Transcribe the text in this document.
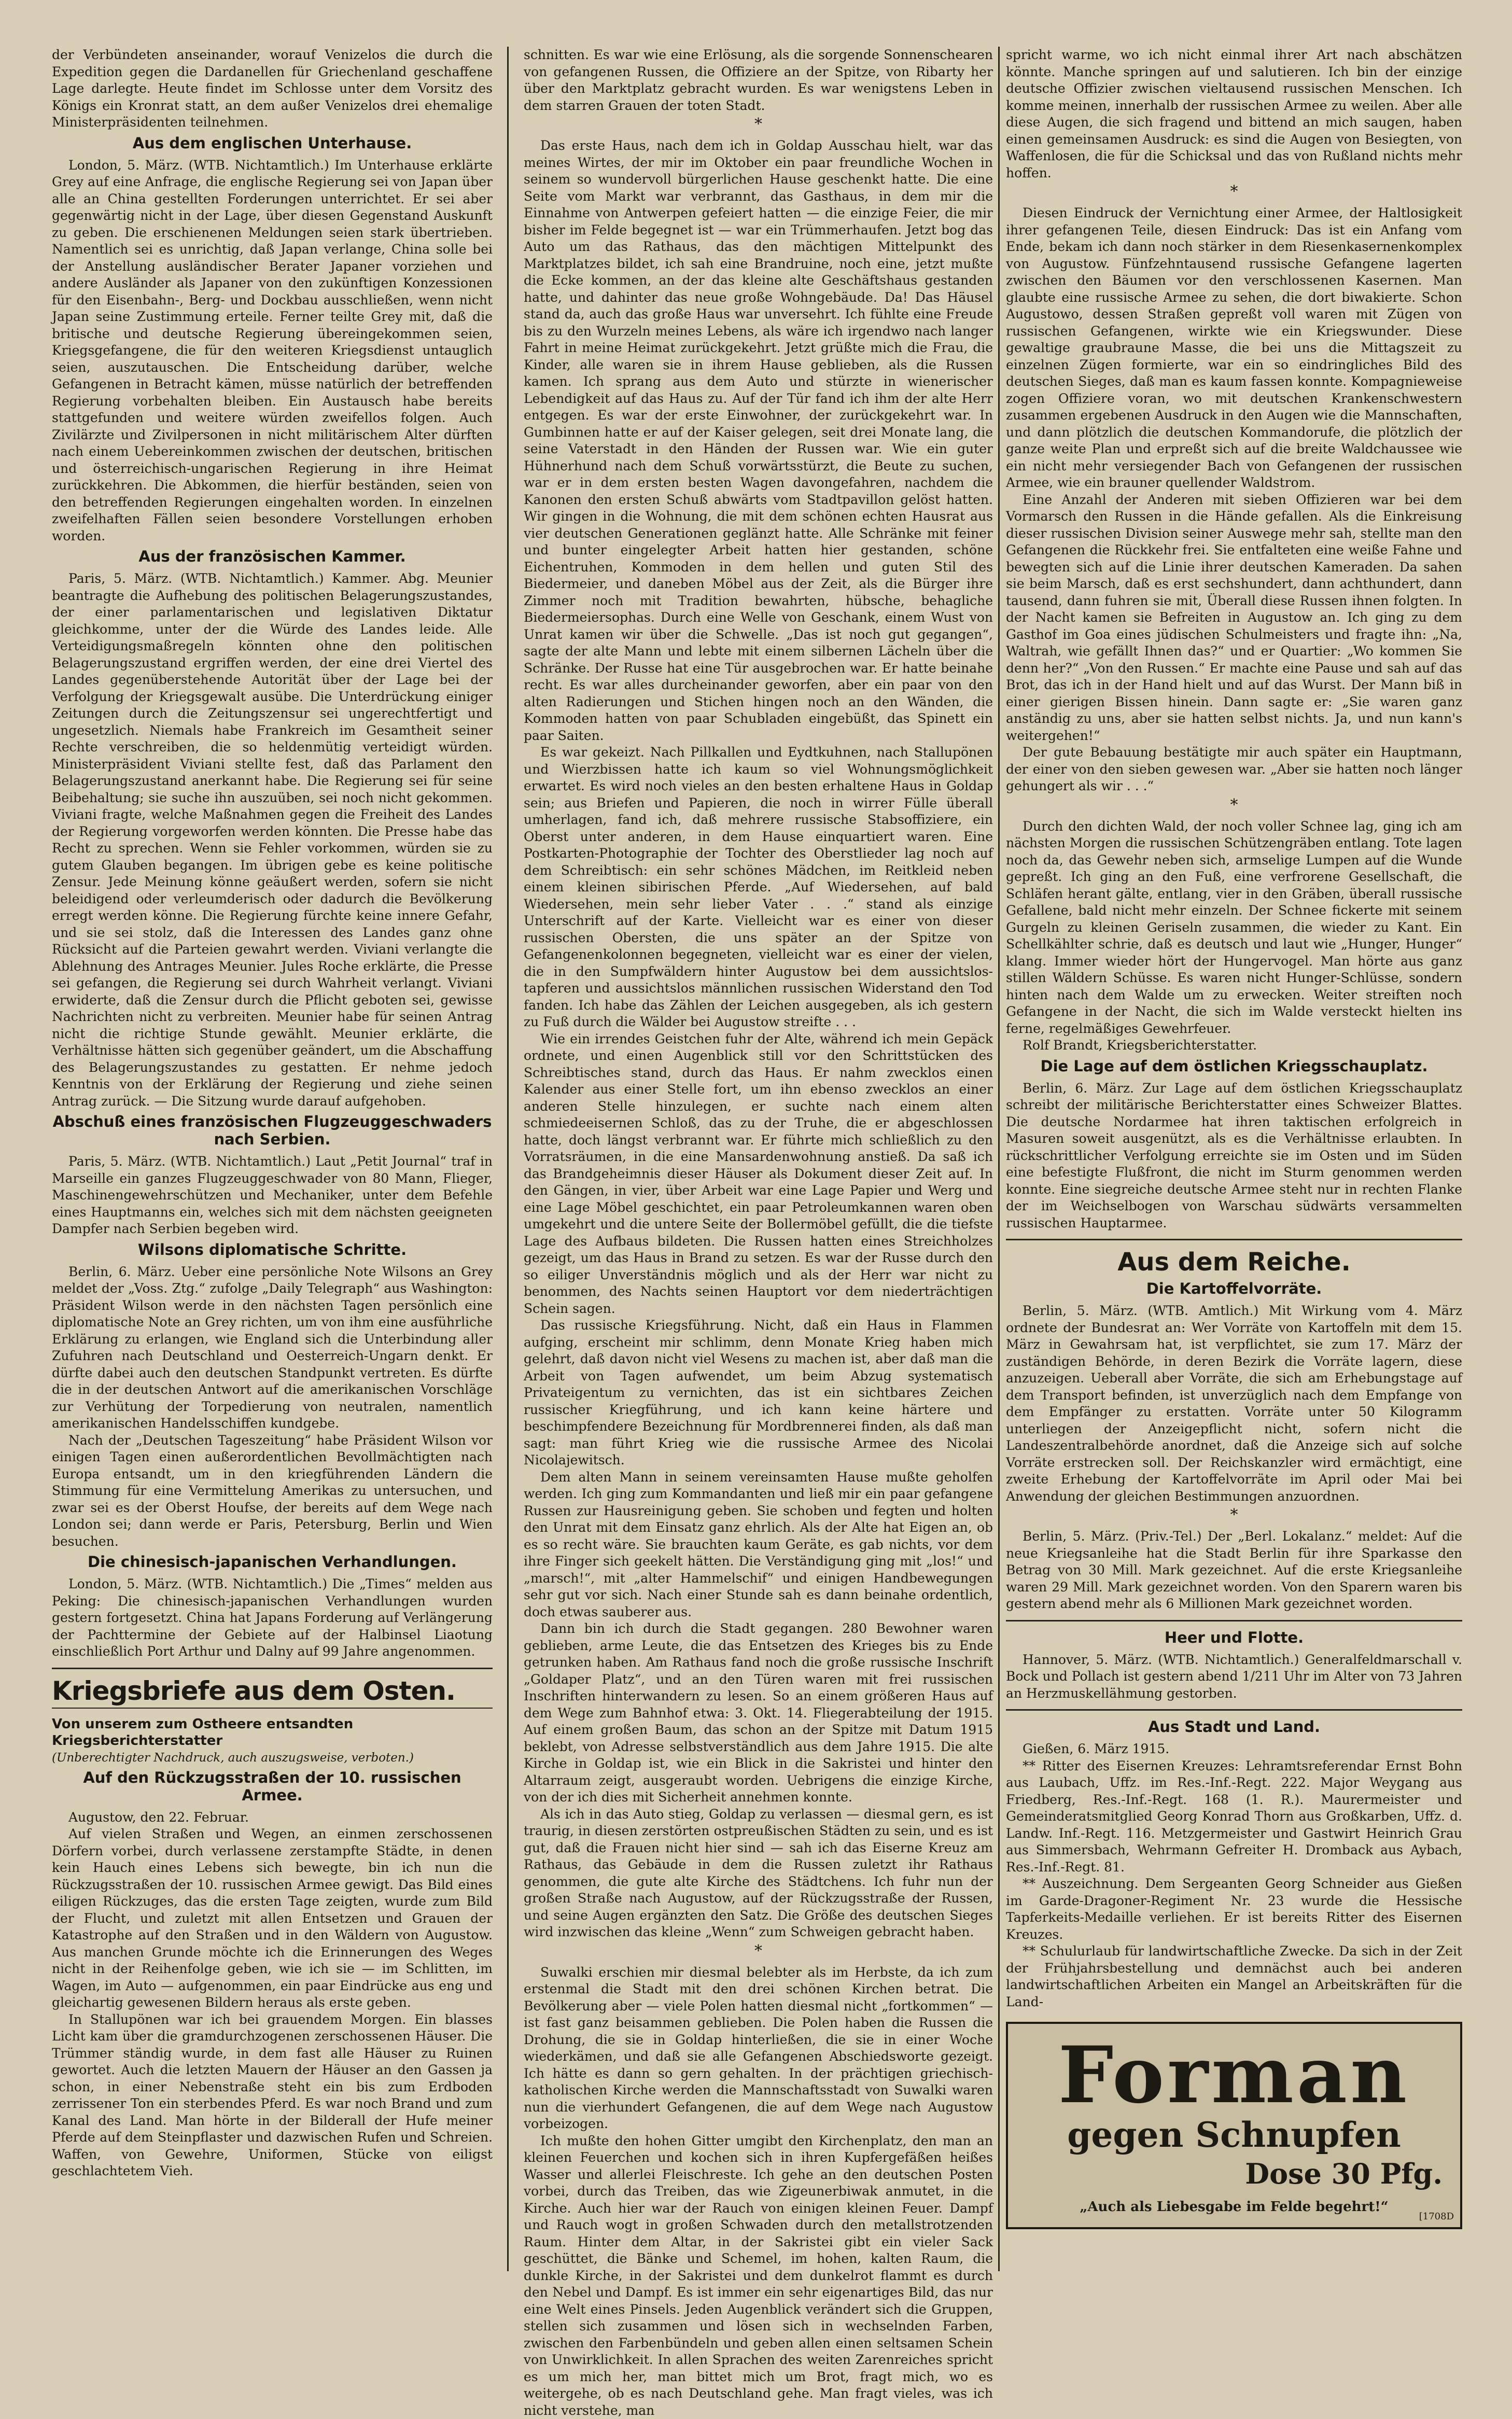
der Verbündeten anseinander, worauf Venizelos die durch die Expedition gegen die Dardanellen für Griechenland geschaffene Lage darlegte. Heute findet im Schlosse unter dem Vorsitz des Königs ein Kronrat statt, an dem außer Venizelos drei ehemalige Ministerpräsidenten teilnehmen.

Aus dem englischen Unterhause.

London, 5. März. (WTB. Nichtamtlich.) Im Unterhause erklärte Grey auf eine Anfrage, die englische Regierung sei von Japan über alle an China gestellten Forderungen unterrichtet. Er sei aber gegenwärtig nicht in der Lage, über diesen Gegenstand Auskunft zu geben. Die erschienenen Meldungen seien stark übertrieben. Namentlich sei es unrichtig, daß Japan verlange, China solle bei der Anstellung ausländischer Berater Japaner vorziehen und andere Ausländer als Japaner von den zukünftigen Konzessionen für den Eisenbahn-, Berg- und Dockbau ausschließen, wenn nicht Japan seine Zustimmung erteile. Ferner teilte Grey mit, daß die britische und deutsche Regierung übereingekommen seien, Kriegsgefangene, die für den weiteren Kriegsdienst untauglich seien, auszutauschen. Die Entscheidung darüber, welche Gefangenen in Betracht kämen, müsse natürlich der betreffenden Regierung vorbehalten bleiben. Ein Austausch habe bereits stattgefunden und weitere würden zweifellos folgen. Auch Zivilärzte und Zivilpersonen in nicht militärischem Alter dürften nach einem Uebereinkommen zwischen der deutschen, britischen und österreichisch-ungarischen Regierung in ihre Heimat zurückkehren. Die Abkommen, die hierfür beständen, seien von den betreffenden Regierungen eingehalten worden. In einzelnen zweifelhaften Fällen seien besondere Vorstellungen erhoben worden.

Aus der französischen Kammer.

Paris, 5. März. (WTB. Nichtamtlich.) Kammer. Abg. Meunier beantragte die Aufhebung des politischen Belagerungszustandes, der einer parlamentarischen und legislativen Diktatur gleichkomme, unter der die Würde des Landes leide. Alle Verteidigungsmaßregeln könnten ohne den politischen Belagerungszustand ergriffen werden, der eine drei Viertel des Landes gegenüberstehende Autorität über der Lage bei der Verfolgung der Kriegsgewalt ausübe. Die Unterdrückung einiger Zeitungen durch die Zeitungszensur sei ungerechtfertigt und ungesetzlich. Niemals habe Frankreich im Gesamtheit seiner Rechte verschreiben, die so heldenmütig verteidigt würden. Ministerpräsident Viviani stellte fest, daß das Parlament den Belagerungszustand anerkannt habe. Die Regierung sei für seine Beibehaltung; sie suche ihn auszuüben, sei noch nicht gekommen. Viviani fragte, welche Maßnahmen gegen die Freiheit des Landes der Regierung vorgeworfen werden könnten. Die Presse habe das Recht zu sprechen. Wenn sie Fehler vorkommen, würden sie zu gutem Glauben begangen. Im übrigen gebe es keine politische Zensur. Jede Meinung könne geäußert werden, sofern sie nicht beleidigend oder verleumderisch oder dadurch die Bevölkerung erregt werden könne. Die Regierung fürchte keine innere Gefahr, und sie sei stolz, daß die Interessen des Landes ganz ohne Rücksicht auf die Parteien gewahrt werden. Viviani verlangte die Ablehnung des Antrages Meunier. Jules Roche erklärte, die Presse sei gefangen, die Regierung sei durch Wahrheit verlangt. Viviani erwiderte, daß die Zensur durch die Pflicht geboten sei, gewisse Nachrichten nicht zu verbreiten. Meunier habe für seinen Antrag nicht die richtige Stunde gewählt. Meunier erklärte, die Verhältnisse hätten sich gegenüber geändert, um die Abschaffung des Belagerungszustandes zu gestatten. Er nehme jedoch Kenntnis von der Erklärung der Regierung und ziehe seinen Antrag zurück. — Die Sitzung wurde darauf aufgehoben.

Abschuß eines französischen Flugzeuggeschwaders nach Serbien.

Paris, 5. März. (WTB. Nichtamtlich.) Laut „Petit Journal“ traf in Marseille ein ganzes Flugzeuggeschwader von 80 Mann, Flieger, Maschinengewehrschützen und Mechaniker, unter dem Befehle eines Hauptmanns ein, welches sich mit dem nächsten geeigneten Dampfer nach Serbien begeben wird.

Wilsons diplomatische Schritte.

Berlin, 6. März. Ueber eine persönliche Note Wilsons an Grey meldet der „Voss. Ztg.“ zufolge „Daily Telegraph“ aus Washington: Präsident Wilson werde in den nächsten Tagen persönlich eine diplomatische Note an Grey richten, um von ihm eine ausführliche Erklärung zu erlangen, wie England sich die Unterbindung aller Zufuhren nach Deutschland und Oesterreich-Ungarn denkt. Er dürfte dabei auch den deutschen Standpunkt vertreten. Es dürfte die in der deutschen Antwort auf die amerikanischen Vorschläge zur Verhütung der Torpedierung von neutralen, namentlich amerikanischen Handelsschiffen kundgebe.

Nach der „Deutschen Tageszeitung“ habe Präsident Wilson vor einigen Tagen einen außerordentlichen Bevollmächtigten nach Europa entsandt, um in den kriegführenden Ländern die Stimmung für eine Vermittelung Amerikas zu untersuchen, und zwar sei es der Oberst Houfse, der bereits auf dem Wege nach London sei; dann werde er Paris, Petersburg, Berlin und Wien besuchen.

Die chinesisch-japanischen Verhandlungen.

London, 5. März. (WTB. Nichtamtlich.) Die „Times“ melden aus Peking: Die chinesisch-japanischen Verhandlungen wurden gestern fortgesetzt. China hat Japans Forderung auf Verlängerung der Pachttermine der Gebiete auf der Halbinsel Liaotung einschließlich Port Arthur und Dalny auf 99 Jahre angenommen.

Kriegsbriefe aus dem Osten.
Von unserem zum Ostheere entsandten Kriegsberichterstatter
(Unberechtigter Nachdruck, auch auszugsweise, verboten.)
Auf den Rückzugsstraßen der 10. russischen Armee.

Augustow, den 22. Februar.

Auf vielen Straßen und Wegen, an einmen zerschossenen Dörfern vorbei, durch verlassene zerstampfte Städte, in denen kein Hauch eines Lebens sich bewegte, bin ich nun die Rückzugsstraßen der 10. russischen Armee gewigt. Das Bild eines eiligen Rückzuges, das die ersten Tage zeigten, wurde zum Bild der Flucht, und zuletzt mit allen Entsetzen und Grauen der Katastrophe auf den Straßen und in den Wäldern von Augustow. Aus manchen Grunde möchte ich die Erinnerungen des Weges nicht in der Reihenfolge geben, wie ich sie — im Schlitten, im Wagen, im Auto — aufgenommen, ein paar Eindrücke aus eng und gleichartig gewesenen Bildern heraus als erste geben.

In Stallupönen war ich bei grauendem Morgen. Ein blasses Licht kam über die gramdurchzogenen zerschossenen Häuser. Die Trümmer ständig wurde, in dem fast alle Häuser zu Ruinen gewortet. Auch die letzten Mauern der Häuser an den Gassen ja schon, in einer Nebenstraße steht ein bis zum Erdboden zerrissener Ton ein sterbendes Pferd. Es war noch Brand und zum Kanal des Land. Man hörte in der Bilderall der Hufe meiner Pferde auf dem Steinpflaster und dazwischen Rufen und Schreien. Waffen, von Gewehre, Uniformen, Stücke von eiligst geschlachtetem Vieh.

schnitten. Es war wie eine Erlösung, als die sorgende Sonnenschearen von gefangenen Russen, die Offiziere an der Spitze, von Ribarty her über den Marktplatz gebracht wurden. Es war wenigstens Leben in dem starren Grauen der toten Stadt.

*

Das erste Haus, nach dem ich in Goldap Ausschau hielt, war das meines Wirtes, der mir im Oktober ein paar freundliche Wochen in seinem so wundervoll bürgerlichen Hause geschenkt hatte. Die eine Seite vom Markt war verbrannt, das Gasthaus, in dem mir die Einnahme von Antwerpen gefeiert hatten — die einzige Feier, die mir bisher im Felde begegnet ist — war ein Trümmerhaufen. Jetzt bog das Auto um das Rathaus, das den mächtigen Mittelpunkt des Marktplatzes bildet, ich sah eine Brandruine, noch eine, jetzt mußte die Ecke kommen, an der das kleine alte Geschäftshaus gestanden hatte, und dahinter das neue große Wohngebäude. Da! Das Häusel stand da, auch das große Haus war unversehrt. Ich fühlte eine Freude bis zu den Wurzeln meines Lebens, als wäre ich irgendwo nach langer Fahrt in meine Heimat zurückgekehrt. Jetzt grüßte mich die Frau, die Kinder, alle waren sie in ihrem Hause geblieben, als die Russen kamen. Ich sprang aus dem Auto und stürzte in wienerischer Lebendigkeit auf das Haus zu. Auf der Tür fand ich ihm der alte Herr entgegen. Es war der erste Einwohner, der zurückgekehrt war. In Gumbinnen hatte er auf der Kaiser gelegen, seit drei Monate lang, die seine Vaterstadt in den Händen der Russen war. Wie ein guter Hühnerhund nach dem Schuß vorwärtsstürzt, die Beute zu suchen, war er in dem ersten besten Wagen davongefahren, nachdem die Kanonen den ersten Schuß abwärts vom Stadtpavillon gelöst hatten. Wir gingen in die Wohnung, die mit dem schönen echten Hausrat aus vier deutschen Generationen geglänzt hatte. Alle Schränke mit feiner und bunter eingelegter Arbeit hatten hier gestanden, schöne Eichentruhen, Kommoden in dem hellen und guten Stil des Biedermeier, und daneben Möbel aus der Zeit, als die Bürger ihre Zimmer noch mit Tradition bewahrten, hübsche, behagliche Biedermeiersophas. Durch eine Welle von Geschank, einem Wust von Unrat kamen wir über die Schwelle. „Das ist noch gut gegangen“, sagte der alte Mann und lebte mit einem silbernen Lächeln über die Schränke. Der Russe hat eine Tür ausgebrochen war. Er hatte beinahe recht. Es war alles durcheinander geworfen, aber ein paar von den alten Radierungen und Stichen hingen noch an den Wänden, die Kommoden hatten von paar Schubladen eingebüßt, das Spinett ein paar Saiten.

Es war gekeizt. Nach Pillkallen und Eydtkuhnen, nach Stallupönen und Wierzbissen hatte ich kaum so viel Wohnungsmöglichkeit erwartet. Es wird noch vieles an den besten erhaltene Haus in Goldap sein; aus Briefen und Papieren, die noch in wirrer Fülle überall umherlagen, fand ich, daß mehrere russische Stabsoffiziere, ein Oberst unter anderen, in dem Hause einquartiert waren. Eine Postkarten-Photographie der Tochter des Oberstlieder lag noch auf dem Schreibtisch: ein sehr schönes Mädchen, im Reitkleid neben einem kleinen sibirischen Pferde. „Auf Wiedersehen, auf bald Wiedersehen, mein sehr lieber Vater . . .“ stand als einzige Unterschrift auf der Karte. Vielleicht war es einer von dieser russischen Obersten, die uns später an der Spitze von Gefangenenkolonnen begegneten, vielleicht war es einer der vielen, die in den Sumpfwäldern hinter Augustow bei dem aussichtslos-tapferen und aussichtslos männlichen russischen Widerstand den Tod fanden. Ich habe das Zählen der Leichen ausgegeben, als ich gestern zu Fuß durch die Wälder bei Augustow streifte . . .

Wie ein irrendes Geistchen fuhr der Alte, während ich mein Gepäck ordnete, und einen Augenblick still vor den Schrittstücken des Schreibtisches stand, durch das Haus. Er nahm zwecklos einen Kalender aus einer Stelle fort, um ihn ebenso zwecklos an einer anderen Stelle hinzulegen, er suchte nach einem alten schmiedeeisernen Schloß, das zu der Truhe, die er abgeschlossen hatte, doch längst verbrannt war. Er führte mich schließlich zu den Vorratsräumen, in die eine Mansardenwohnung anstieß. Da saß ich das Brandgeheimnis dieser Häuser als Dokument dieser Zeit auf. In den Gängen, in vier, über Arbeit war eine Lage Papier und Werg und eine Lage Möbel geschichtet, ein paar Petroleumkannen waren oben umgekehrt und die untere Seite der Bollermöbel gefüllt, die die tiefste Lage des Aufbaus bildeten. Die Russen hatten eines Streichholzes gezeigt, um das Haus in Brand zu setzen. Es war der Russe durch den so eiliger Unverständnis möglich und als der Herr war nicht zu benommen, des Nachts seinen Hauptort vor dem niederträchtigen Schein sagen.

Das russische Kriegsführung. Nicht, daß ein Haus in Flammen aufging, erscheint mir schlimm, denn Monate Krieg haben mich gelehrt, daß davon nicht viel Wesens zu machen ist, aber daß man die Arbeit von Tagen aufwendet, um beim Abzug systematisch Privateigentum zu vernichten, das ist ein sichtbares Zeichen russischer Kriegführung, und ich kann keine härtere und beschimpfendere Bezeichnung für Mordbrennerei finden, als daß man sagt: man führt Krieg wie die russische Armee des Nicolai Nicolajewitsch.

Dem alten Mann in seinem vereinsamten Hause mußte geholfen werden. Ich ging zum Kommandanten und ließ mir ein paar gefangene Russen zur Hausreinigung geben. Sie schoben und fegten und holten den Unrat mit dem Einsatz ganz ehrlich. Als der Alte hat Eigen an, ob es so recht wäre. Sie brauchten kaum Geräte, es gab nichts, vor dem ihre Finger sich geekelt hätten. Die Verständigung ging mit „los!“ und „marsch!“, mit „alter Hammelschif“ und einigen Handbewegungen sehr gut vor sich. Nach einer Stunde sah es dann beinahe ordentlich, doch etwas sauberer aus.

Dann bin ich durch die Stadt gegangen. 280 Bewohner waren geblieben, arme Leute, die das Entsetzen des Krieges bis zu Ende getrunken haben. Am Rathaus fand noch die große russische Inschrift „Goldaper Platz“, und an den Türen waren mit frei russischen Inschriften hinterwandern zu lesen. So an einem größeren Haus auf dem Wege zum Bahnhof etwa: 3. Okt. 14. Fliegerabteilung der 1915. Auf einem großen Baum, das schon an der Spitze mit Datum 1915 beklebt, von Adresse selbstverständlich aus dem Jahre 1915. Die alte Kirche in Goldap ist, wie ein Blick in die Sakristei und hinter den Altarraum zeigt, ausgeraubt worden. Uebrigens die einzige Kirche, von der ich dies mit Sicherheit annehmen konnte.

Als ich in das Auto stieg, Goldap zu verlassen — diesmal gern, es ist traurig, in diesen zerstörten ostpreußischen Städten zu sein, und es ist gut, daß die Frauen nicht hier sind — sah ich das Eiserne Kreuz am Rathaus, das Gebäude in dem die Russen zuletzt ihr Rathaus genommen, die gute alte Kirche des Städtchens. Ich fuhr nun der großen Straße nach Augustow, auf der Rückzugsstraße der Russen, und seine Augen ergänzten den Satz. Die Größe des deutschen Sieges wird inzwischen das kleine „Wenn“ zum Schweigen gebracht haben.

*

Suwalki erschien mir diesmal belebter als im Herbste, da ich zum erstenmal die Stadt mit den drei schönen Kirchen betrat. Die Bevölkerung aber — viele Polen hatten diesmal nicht „fortkommen“ — ist fast ganz beisammen geblieben. Die Polen haben die Russen die Drohung, die sie in Goldap hinterließen, die sie in einer Woche wiederkämen, und daß sie alle Gefangenen Abschiedsworte gezeigt. Ich hätte es dann so gern gehalten. In der prächtigen griechisch-katholischen Kirche werden die Mannschaftsstadt von Suwalki waren nun die vierhundert Gefangenen, die auf dem Wege nach Augustow vorbeizogen.

Ich mußte den hohen Gitter umgibt den Kirchenplatz, den man an kleinen Feuerchen und kochen sich in ihren Kupfergefäßen heißes Wasser und allerlei Fleischreste. Ich gehe an den deutschen Posten vorbei, durch das Treiben, das wie Zigeunerbiwak anmutet, in die Kirche. Auch hier war der Rauch von einigen kleinen Feuer. Dampf und Rauch wogt in großen Schwaden durch den metallstrotzenden Raum. Hinter dem Altar, in der Sakristei gibt ein vieler Sack geschüttet, die Bänke und Schemel, im hohen, kalten Raum, die dunkle Kirche, in der Sakristei und dem dunkelrot flammt es durch den Nebel und Dampf. Es ist immer ein sehr eigenartiges Bild, das nur eine Welt eines Pinsels. Jeden Augenblick verändert sich die Gruppen, stellen sich zusammen und lösen sich in wechselnden Farben, zwischen den Farbenbündeln und geben allen einen seltsamen Schein von Unwirklichkeit. In allen Sprachen des weiten Zarenreiches spricht es um mich her, man bittet mich um Brot, fragt mich, wo es weitergehe, ob es nach Deutschland gehe. Man fragt vieles, was ich nicht verstehe, man

spricht warme, wo ich nicht einmal ihrer Art nach abschätzen könnte. Manche springen auf und salutieren. Ich bin der einzige deutsche Offizier zwischen vieltausend russischen Menschen. Ich komme meinen, innerhalb der russischen Armee zu weilen. Aber alle diese Augen, die sich fragend und bittend an mich saugen, haben einen gemeinsamen Ausdruck: es sind die Augen von Besiegten, von Waffenlosen, die für die Schicksal und das von Rußland nichts mehr hoffen.

*

Diesen Eindruck der Vernichtung einer Armee, der Haltlosigkeit ihrer gefangenen Teile, diesen Eindruck: Das ist ein Anfang vom Ende, bekam ich dann noch stärker in dem Riesenkasernenkomplex von Augustow. Fünfzehntausend russische Gefangene lagerten zwischen den Bäumen vor den verschlossenen Kasernen. Man glaubte eine russische Armee zu sehen, die dort biwakierte. Schon Augustowo, dessen Straßen gepreßt voll waren mit Zügen von russischen Gefangenen, wirkte wie ein Kriegswunder. Diese gewaltige graubraune Masse, die bei uns die Mittagszeit zu einzelnen Zügen formierte, war ein so eindringliches Bild des deutschen Sieges, daß man es kaum fassen konnte. Kompagnieweise zogen Offiziere voran, wo mit deutschen Krankenschwestern zusammen ergebenen Ausdruck in den Augen wie die Mannschaften, und dann plötzlich die deutschen Kommandorufe, die plötzlich der ganze weite Plan und erpreßt sich auf die breite Waldchaussee wie ein nicht mehr versiegender Bach von Gefangenen der russischen Armee, wie ein brauner quellender Waldstrom.

Eine Anzahl der Anderen mit sieben Offizieren war bei dem Vormarsch den Russen in die Hände gefallen. Als die Einkreisung dieser russischen Division seiner Auswege mehr sah, stellte man den Gefangenen die Rückkehr frei. Sie entfalteten eine weiße Fahne und bewegten sich auf die Linie ihrer deutschen Kameraden. Da sahen sie beim Marsch, daß es erst sechshundert, dann achthundert, dann tausend, dann fuhren sie mit, Überall diese Russen ihnen folgten. In der Nacht kamen sie Befreiten in Augustow an. Ich ging zu dem Gasthof im Goa eines jüdischen Schulmeisters und fragte ihn: „Na, Waltrah, wie gefällt Ihnen das?“ und er Quartier: „Wo kommen Sie denn her?“ „Von den Russen.“ Er machte eine Pause und sah auf das Brot, das ich in der Hand hielt und auf das Wurst. Der Mann biß in einer gierigen Bissen hinein. Dann sagte er: „Sie waren ganz anständig zu uns, aber sie hatten selbst nichts. Ja, und nun kann's weitergehen!“

Der gute Bebauung bestätigte mir auch später ein Hauptmann, der einer von den sieben gewesen war. „Aber sie hatten noch länger gehungert als wir . . .“

*

Durch den dichten Wald, der noch voller Schnee lag, ging ich am nächsten Morgen die russischen Schützengräben entlang. Tote lagen noch da, das Gewehr neben sich, armselige Lumpen auf die Wunde gepreßt. Ich ging an den Fuß, eine verfrorene Gesellschaft, die Schläfen herant gälte, entlang, vier in den Gräben, überall russische Gefallene, bald nicht mehr einzeln. Der Schnee fickerte mit seinem Gurgeln zu kleinen Geriseln zusammen, die wieder zu Kant. Ein Schellkählter schrie, daß es deutsch und laut wie „Hunger, Hunger“ klang. Immer wieder hört der Hungervogel. Man hörte aus ganz stillen Wäldern Schüsse. Es waren nicht Hunger-Schlüsse, sondern hinten nach dem Walde um zu erwecken. Weiter streiften noch Gefangene in der Nacht, die sich im Walde versteckt hielten ins ferne, regelmäßiges Gewehrfeuer.

Rolf Brandt, Kriegsberichterstatter.

Die Lage auf dem östlichen Kriegsschauplatz.

Berlin, 6. März. Zur Lage auf dem östlichen Kriegsschauplatz schreibt der militärische Berichterstatter eines Schweizer Blattes. Die deutsche Nordarmee hat ihren taktischen erfolgreich in Masuren soweit ausgenützt, als es die Verhältnisse erlaubten. In rückschrittlicher Verfolgung erreichte sie im Osten und im Süden eine befestigte Flußfront, die nicht im Sturm genommen werden konnte. Eine siegreiche deutsche Armee steht nur in rechten Flanke der im Weichselbogen von Warschau südwärts versammelten russischen Hauptarmee.

Aus dem Reiche.
Die Kartoffelvorräte.

Berlin, 5. März. (WTB. Amtlich.) Mit Wirkung vom 4. März ordnete der Bundesrat an: Wer Vorräte von Kartoffeln mit dem 15. März in Gewahrsam hat, ist verpflichtet, sie zum 17. März der zuständigen Behörde, in deren Bezirk die Vorräte lagern, diese anzuzeigen. Ueberall aber Vorräte, die sich am Erhebungstage auf dem Transport befinden, ist unverzüglich nach dem Empfange von dem Empfänger zu erstatten. Vorräte unter 50 Kilogramm unterliegen der Anzeigepflicht nicht, sofern nicht die Landeszentralbehörde anordnet, daß die Anzeige sich auf solche Vorräte erstrecken soll. Der Reichskanzler wird ermächtigt, eine zweite Erhebung der Kartoffelvorräte im April oder Mai bei Anwendung der gleichen Bestimmungen anzuordnen.

*

Berlin, 5. März. (Priv.-Tel.) Der „Berl. Lokalanz.“ meldet: Auf die neue Kriegsanleihe hat die Stadt Berlin für ihre Sparkasse den Betrag von 30 Mill. Mark gezeichnet. Auf die erste Kriegsanleihe waren 29 Mill. Mark gezeichnet worden. Von den Sparern waren bis gestern abend mehr als 6 Millionen Mark gezeichnet worden.

Heer und Flotte.

Hannover, 5. März. (WTB. Nichtamtlich.) Generalfeldmarschall v. Bock und Pollach ist gestern abend 1/211 Uhr im Alter von 73 Jahren an Herzmuskellähmung gestorben.

Aus Stadt und Land.

Gießen, 6. März 1915.

** Ritter des Eisernen Kreuzes: Lehramtsreferendar Ernst Bohn aus Laubach, Uffz. im Res.-Inf.-Regt. 222. Major Weygang aus Friedberg, Res.-Inf.-Regt. 168 (1. R.). Maurermeister und Gemeinderatsmitglied Georg Konrad Thorn aus Großkarben, Uffz. d. Landw. Inf.-Regt. 116. Metzgermeister und Gastwirt Heinrich Grau aus Simmersbach, Wehrmann Gefreiter H. Dromback aus Aybach, Res.-Inf.-Regt. 81.

** Auszeichnung. Dem Sergeanten Georg Schneider aus Gießen im Garde-Dragoner-Regiment Nr. 23 wurde die Hessische Tapferkeits-Medaille verliehen. Er ist bereits Ritter des Eisernen Kreuzes.

** Schulurlaub für landwirtschaftliche Zwecke. Da sich in der Zeit der Frühjahrsbestellung und demnächst auch bei anderen landwirtschaftlichen Arbeiten ein Mangel an Arbeitskräften für die Land-

Forman
gegen Schnupfen
Dose 30 Pfg.
„Auch als Liebesgabe im Felde begehrt!“
[1708D
